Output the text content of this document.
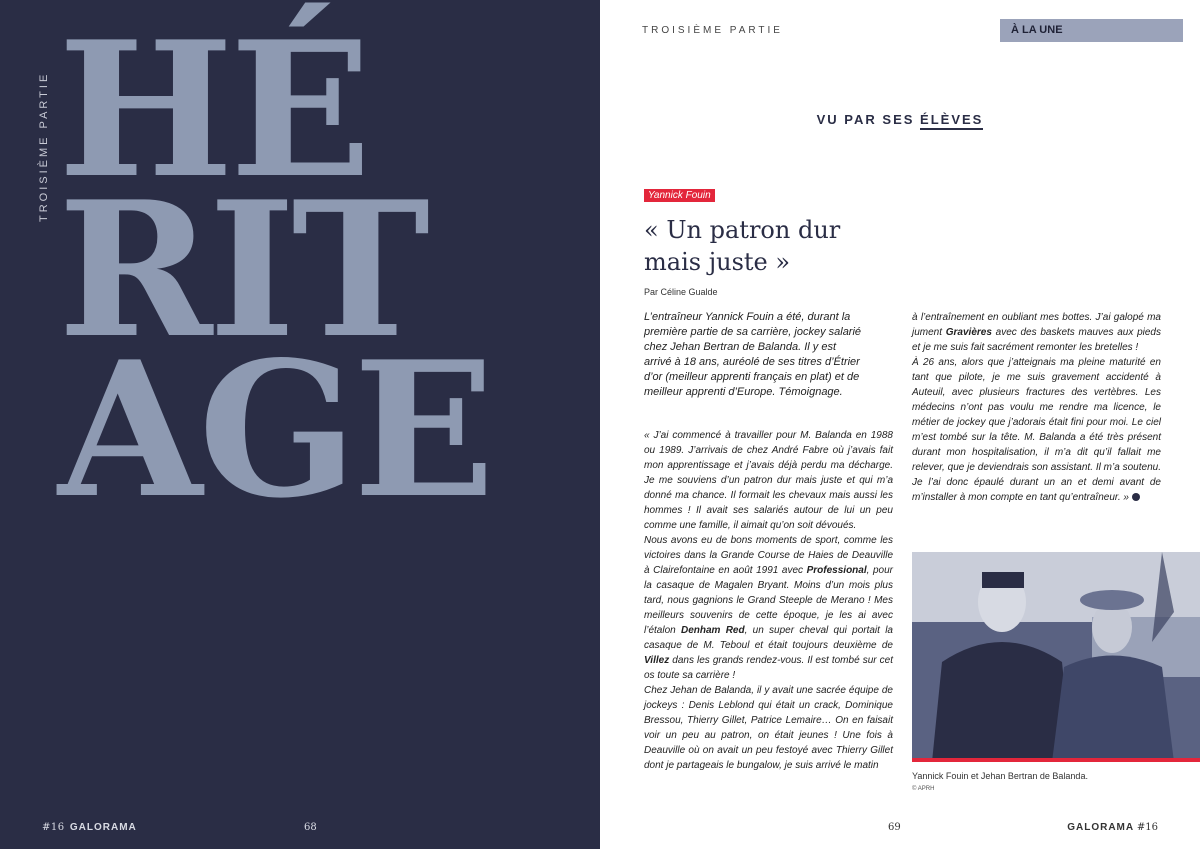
TROISIÈME PARTIE HÉ
RIT
AGE
#16 GALORAMA	68
TROISIÈME PARTIE	À LA UNE
VU PAR SES ÉLÈVES
Yannick Fouin
« Un patron dur
mais juste »
Par Céline Gualde
L’entraîneur Yannick Fouin a été, durant la première partie de sa carrière, jockey salarié chez Jehan Bertran de Balanda. Il y est arrivé à 18 ans, auréolé de ses titres d’Étrier d’or (meilleur apprenti français en plat) et de meilleur apprenti d’Europe. Témoignage.

« J’ai commencé à travailler pour M. Balanda en 1988 ou 1989. J’arrivais de chez André Fabre où j’avais fait mon apprentissage et j’avais déjà perdu ma décharge. Je me souviens d’un patron dur mais juste et qui m’a donné ma chance. Il formait les chevaux mais aussi les hommes ! Il avait ses salariés autour de lui un peu comme une famille, il aimait qu’on soit dévoués.

Nous avons eu de bons moments de sport, comme les victoires dans la Grande Course de Haies de Deauville à Clairefontaine en août 1991 avec Professional, pour la casaque de Magalen Bryant. Moins d’un mois plus tard, nous gagnions le Grand Steeple de Merano ! Mes meilleurs souvenirs de cette époque, je les ai avec l’étalon Denham Red, un super cheval qui portait la casaque de M. Teboul et était toujours deuxième de Villez dans les grands rendez-vous. Il est tombé sur cet os toute sa carrière !

Chez Jehan de Balanda, il y avait une sacrée équipe de jockeys : Denis Leblond qui était un crack, Dominique Bressou, Thierry Gillet, Patrice Lemaire… On en faisait voir un peu au patron, on était jeunes ! Une fois à Deauville où on avait un peu festoyé avec Thierry Gillet dont je partageais le bungalow, je suis arrivé le matin

à l’entraînement en oubliant mes bottes. J’ai galopé ma jument Gravières avec des baskets mauves aux pieds et je me suis fait sacrément remonter les bretelles !

À 26 ans, alors que j’atteignais ma pleine maturité en tant que pilote, je me suis gravement accidenté à Auteuil, avec plusieurs fractures des vertèbres. Les médecins n’ont pas voulu me rendre ma licence, le métier de jockey que j’adorais était fini pour moi. Le ciel m’est tombé sur la tête. M. Balanda a été très présent durant mon hospitalisation, il m’a dit qu’il fallait me relever, que je deviendrais son assistant. Il m’a soutenu. Je l’ai donc épaulé durant un an et demi avant de m’installer à mon compte en tant qu’entraîneur. »

Yannick Fouin et Jehan Bertran de Balanda.
© APRH
69	GALORAMA #16
